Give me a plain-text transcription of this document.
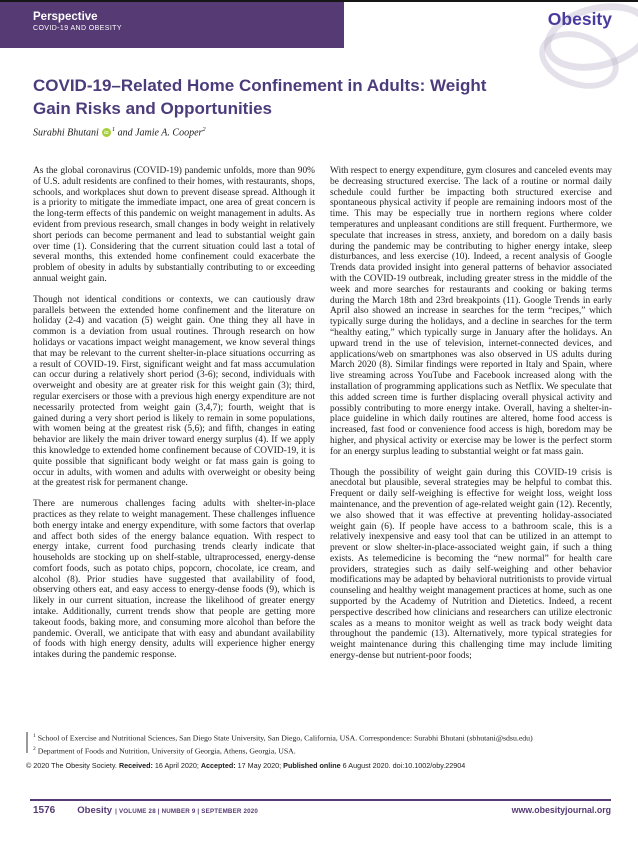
Perspective
COVID-19 AND OBESITY	Obesity
COVID-19–Related Home Confinement in Adults: Weight
Gain Risks and Opportunities
Surabhi Bhutani iD $^1$ and Jamie A. Cooper$^2$

As the global coronavirus (COVID-19) pandemic unfolds, more than 90% of U.S. adult residents are confined to their homes, with restaurants, shops, schools, and workplaces shut down to prevent disease spread. Although it is a priority to mitigate the immediate impact, one area of great concern is the long-term effects of this pandemic on weight management in adults. As evident from previous research, small changes in body weight in relatively short periods can become permanent and lead to substantial weight gain over time (1). Considering that the current situation could last a total of several months, this extended home confinement could exacerbate the problem of obesity in adults by substantially contributing to or exceeding annual weight gain.

Though not identical conditions or contexts, we can cautiously draw parallels between the extended home confinement and the literature on holiday (2-4) and vacation (5) weight gain. One thing they all have in common is a deviation from usual routines. Through research on how holidays or vacations impact weight management, we know several things that may be relevant to the current shelter-in-place situations occurring as a result of COVID-19. First, significant weight and fat mass accumulation can occur during a relatively short period (3-6); second, individuals with overweight and obesity are at greater risk for this weight gain (3); third, regular exercisers or those with a previous high energy expenditure are not necessarily protected from weight gain (3,4,7); fourth, weight that is gained during a very short period is likely to remain in some populations, with women being at the greatest risk (5,6); and fifth, changes in eating behavior are likely the main driver toward energy surplus (4). If we apply this knowledge to extended home confinement because of COVID-19, it is quite possible that significant body weight or fat mass gain is going to occur in adults, with women and adults with overweight or obesity being at the greatest risk for permanent change.

There are numerous challenges facing adults with shelter-in-place practices as they relate to weight management. These challenges influence both energy intake and energy expenditure, with some factors that overlap and affect both sides of the energy balance equation. With respect to energy intake, current food purchasing trends clearly indicate that households are stocking up on shelf-stable, ultraprocessed, energy-dense comfort foods, such as potato chips, popcorn, chocolate, ice cream, and alcohol (8). Prior studies have suggested that availability of food, observing others eat, and easy access to energy-dense foods (9), which is likely in our current situation, increase the likelihood of greater energy intake. Additionally, current trends show that people are getting more takeout foods, baking more, and consuming more alcohol than before the pandemic. Overall, we anticipate that with easy and abundant availability of foods with high energy density, adults will experience higher energy intakes during the pandemic response.

With respect to energy expenditure, gym closures and canceled events may be decreasing structured exercise. The lack of a routine or normal daily schedule could further be impacting both structured exercise and spontaneous physical activity if people are remaining indoors most of the time. This may be especially true in northern regions where colder temperatures and unpleasant conditions are still frequent. Furthermore, we speculate that increases in stress, anxiety, and boredom on a daily basis during the pandemic may be contributing to higher energy intake, sleep disturbances, and less exercise (10). Indeed, a recent analysis of Google Trends data provided insight into general patterns of behavior associated with the COVID-19 outbreak, including greater stress in the middle of the week and more searches for restaurants and cooking or baking terms during the March 18th and 23rd breakpoints (11). Google Trends in early April also showed an increase in searches for the term “recipes,” which typically surge during the holidays, and a decline in searches for the term “healthy eating,” which typically surge in January after the holidays. An upward trend in the use of television, internet-connected devices, and applications/web on smartphones was also observed in US adults during March 2020 (8). Similar findings were reported in Italy and Spain, where live streaming across YouTube and Facebook increased along with the installation of programming applications such as Netflix. We speculate that this added screen time is further displacing overall physical activity and possibly contributing to more energy intake. Overall, having a shelter-in-place guideline in which daily routines are altered, home food access is increased, fast food or convenience food access is high, boredom may be higher, and physical activity or exercise may be lower is the perfect storm for an energy surplus leading to substantial weight or fat mass gain.

Though the possibility of weight gain during this COVID-19 crisis is anecdotal but plausible, several strategies may be helpful to combat this. Frequent or daily self-weighing is effective for weight loss, weight loss maintenance, and the prevention of age-related weight gain (12). Recently, we also showed that it was effective at preventing holiday-associated weight gain (6). If people have access to a bathroom scale, this is a relatively inexpensive and easy tool that can be utilized in an attempt to prevent or slow shelter-in-place-associated weight gain, if such a thing exists. As telemedicine is becoming the “new normal” for health care providers, strategies such as daily self-weighing and other behavior modifications may be adapted by behavioral nutritionists to provide virtual counseling and healthy weight management practices at home, such as one supported by the Academy of Nutrition and Dietetics. Indeed, a recent perspective described how clinicians and researchers can utilize electronic scales as a means to monitor weight as well as track body weight data throughout the pandemic (13). Alternatively, more typical strategies for weight maintenance during this challenging time may include limiting energy-dense but nutrient-poor foods;

$^1$ School of Exercise and Nutritional Sciences, San Diego State University, San Diego, California, USA. Correspondence: Surabhi Bhutani (sbhutani@sdsu.edu)
$^2$ Department of Foods and Nutrition, University of Georgia, Athens, Georgia, USA.
© 2020 The Obesity Society. Received: 16 April 2020; Accepted: 17 May 2020; Published online 6 August 2020. doi:10.1002/oby.22904
1576 Obesity | VOLUME 28 | NUMBER 9 | SEPTEMBER 2020	www.obesityjournal.org
